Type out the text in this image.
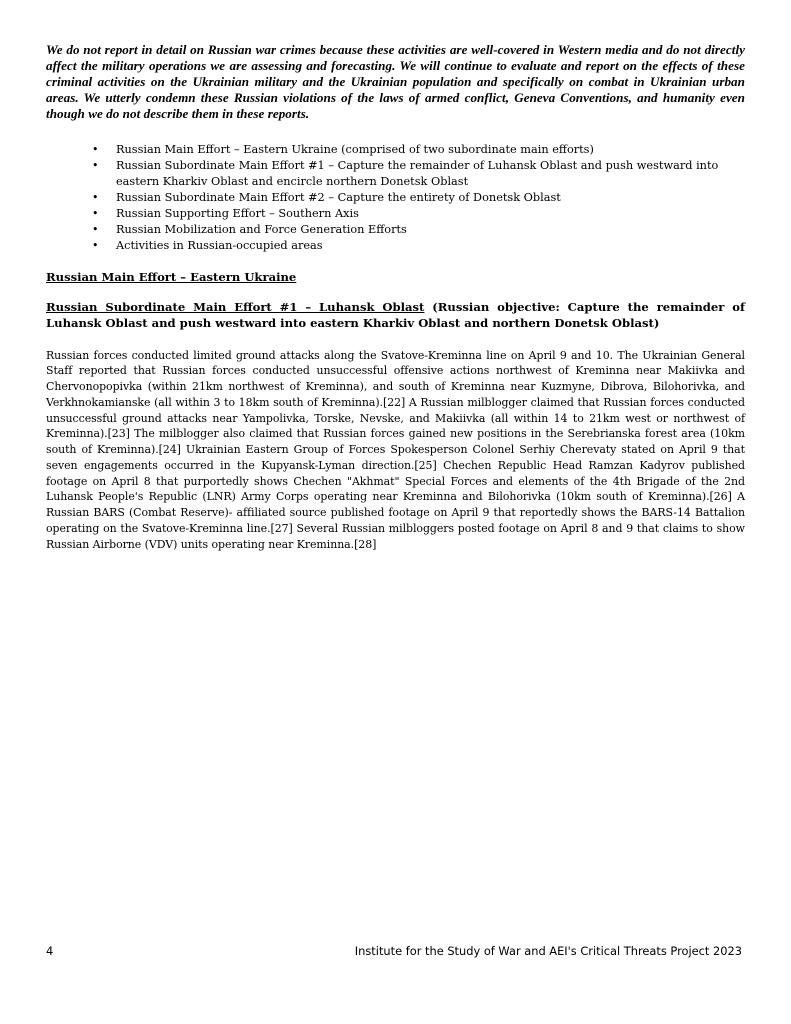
We do not report in detail on Russian war crimes because these activities are well-covered in Western media and do not directly affect the military operations we are assessing and forecasting. We will continue to evaluate and report on the effects of these criminal activities on the Ukrainian military and the Ukrainian population and specifically on combat in Ukrainian urban areas. We utterly condemn these Russian violations of the laws of armed conflict, Geneva Conventions, and humanity even though we do not describe them in these reports.

• Russian Main Effort – Eastern Ukraine (comprised of two subordinate main efforts)
• Russian Subordinate Main Effort #1 – Capture the remainder of Luhansk Oblast and push westward into eastern Kharkiv Oblast and encircle northern Donetsk Oblast
• Russian Subordinate Main Effort #2 – Capture the entirety of Donetsk Oblast
• Russian Supporting Effort – Southern Axis
• Russian Mobilization and Force Generation Efforts
• Activities in Russian-occupied areas
Russian Main Effort – Eastern Ukraine

Russian Subordinate Main Effort #1 – Luhansk Oblast (Russian objective: Capture the remainder of Luhansk Oblast and push westward into eastern Kharkiv Oblast and northern Donetsk Oblast)

Russian forces conducted limited ground attacks along the Svatove-Kreminna line on April 9 and 10. The Ukrainian General Staff reported that Russian forces conducted unsuccessful offensive actions northwest of Kreminna near Makiivka and Chervonopopivka (within 21km northwest of Kreminna), and south of Kreminna near Kuzmyne, Dibrova, Bilohorivka, and Verkhnokamianske (all within 3 to 18km south of Kreminna).[22] A Russian milblogger claimed that Russian forces conducted unsuccessful ground attacks near Yampolivka, Torske, Nevske, and Makiivka (all within 14 to 21km west or northwest of Kreminna).[23] The milblogger also claimed that Russian forces gained new positions in the Serebrianska forest area (10km south of Kreminna).[24] Ukrainian Eastern Group of Forces Spokesperson Colonel Serhiy Cherevaty stated on April 9 that seven engagements occurred in the Kupyansk-Lyman direction.[25] Chechen Republic Head Ramzan Kadyrov published footage on April 8 that purportedly shows Chechen "Akhmat" Special Forces and elements of the 4th Brigade of the 2nd Luhansk People's Republic (LNR) Army Corps operating near Kreminna and Bilohorivka (10km south of Kreminna).[26] A Russian BARS (Combat Reserve)- affiliated source published footage on April 9 that reportedly shows the BARS-14 Battalion operating on the Svatove-Kreminna line.[27] Several Russian milbloggers posted footage on April 8 and 9 that claims to show Russian Airborne (VDV) units operating near Kreminna.[28]

4	Institute for the Study of War and AEI's Critical Threats Project 2023
